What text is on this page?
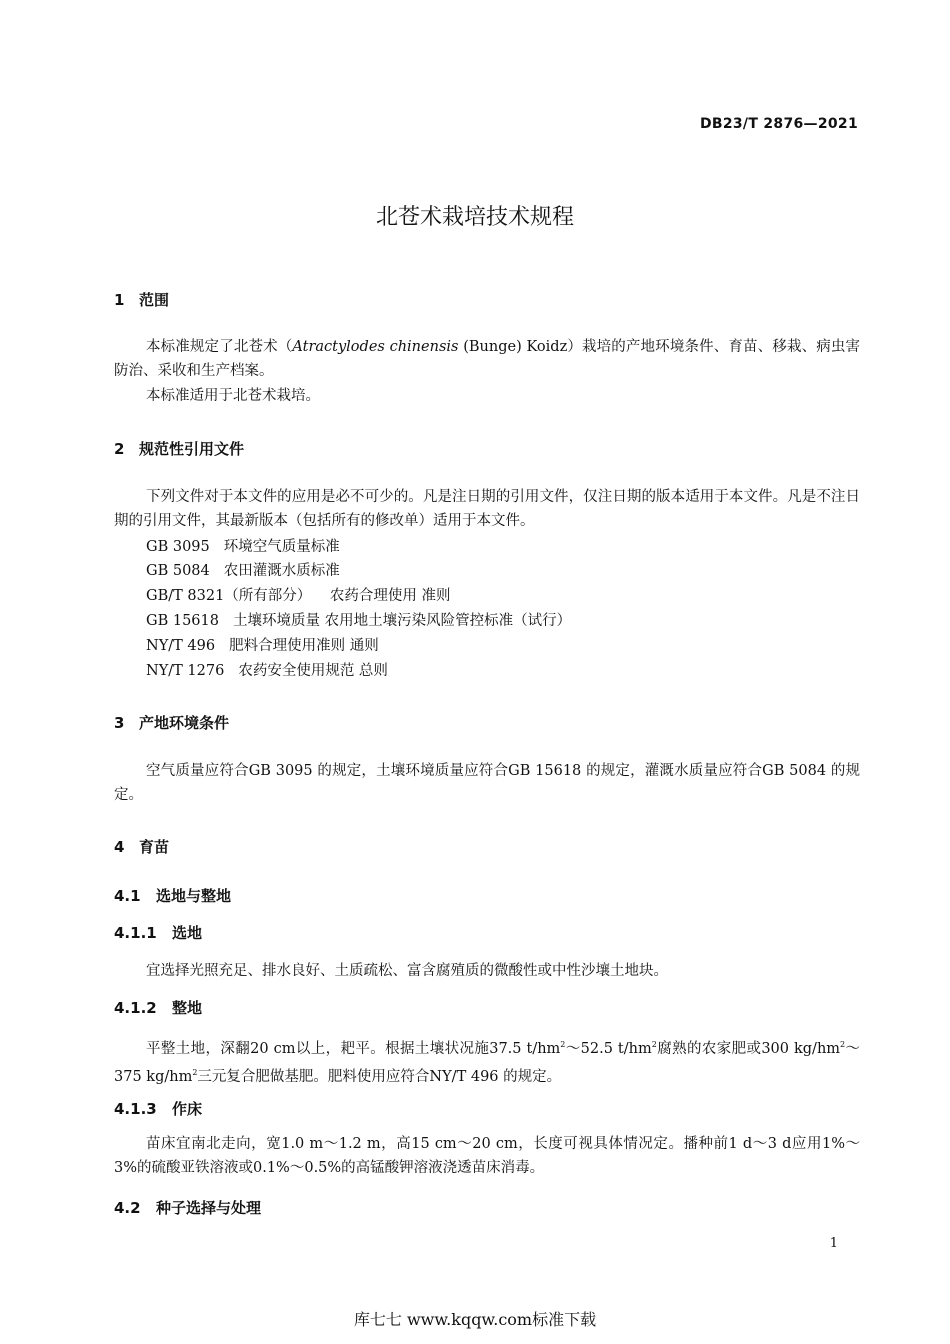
DB23/T 2876—2021
北苍术栽培技术规程
1 范围
本标准规定了北苍术（Atractylodes chinensis (Bunge) Koidz）栽培的产地环境条件、育苗、移栽、病虫害防治、采收和生产档案。
本标准适用于北苍术栽培。
2 规范性引用文件
下列文件对于本文件的应用是必不可少的。凡是注日期的引用文件，仅注日期的版本适用于本文件。凡是不注日期的引用文件，其最新版本（包括所有的修改单）适用于本文件。
GB 3095 环境空气质量标准
GB 5084 农田灌溉水质标准
GB/T 8321（所有部分） 农药合理使用 准则
GB 15618 土壤环境质量 农用地土壤污染风险管控标准（试行）
NY/T 496 肥料合理使用准则 通则
NY/T 1276 农药安全使用规范 总则
3 产地环境条件
空气质量应符合GB 3095 的规定，土壤环境质量应符合GB 15618 的规定，灌溉水质量应符合GB 5084 的规定。
4 育苗
4.1 选地与整地
4.1.1 选地
宜选择光照充足、排水良好、土质疏松、富含腐殖质的微酸性或中性沙壤土地块。
4.1.2 整地
平整土地，深翻20 cm以上，耙平。根据土壤状况施37.5 $t/hm^2\sim 52.5$ $t/hm^2$腐熟的农家肥或300 $kg/hm^2\sim 375$ $kg/hm^2$三元复合肥做基肥。肥料使用应符合NY/T 496 的规定。
4.1.3 作床
苗床宜南北走向，宽1.0 m～1.2 m，高15 cm～20 cm，长度可视具体情况定。播种前1 d～3 d应用1%～3%的硫酸亚铁溶液或0.1%～0.5%的高锰酸钾溶液浇透苗床消毒。
4.2 种子选择与处理
1
库七七 www.kqqw.com标准下载
